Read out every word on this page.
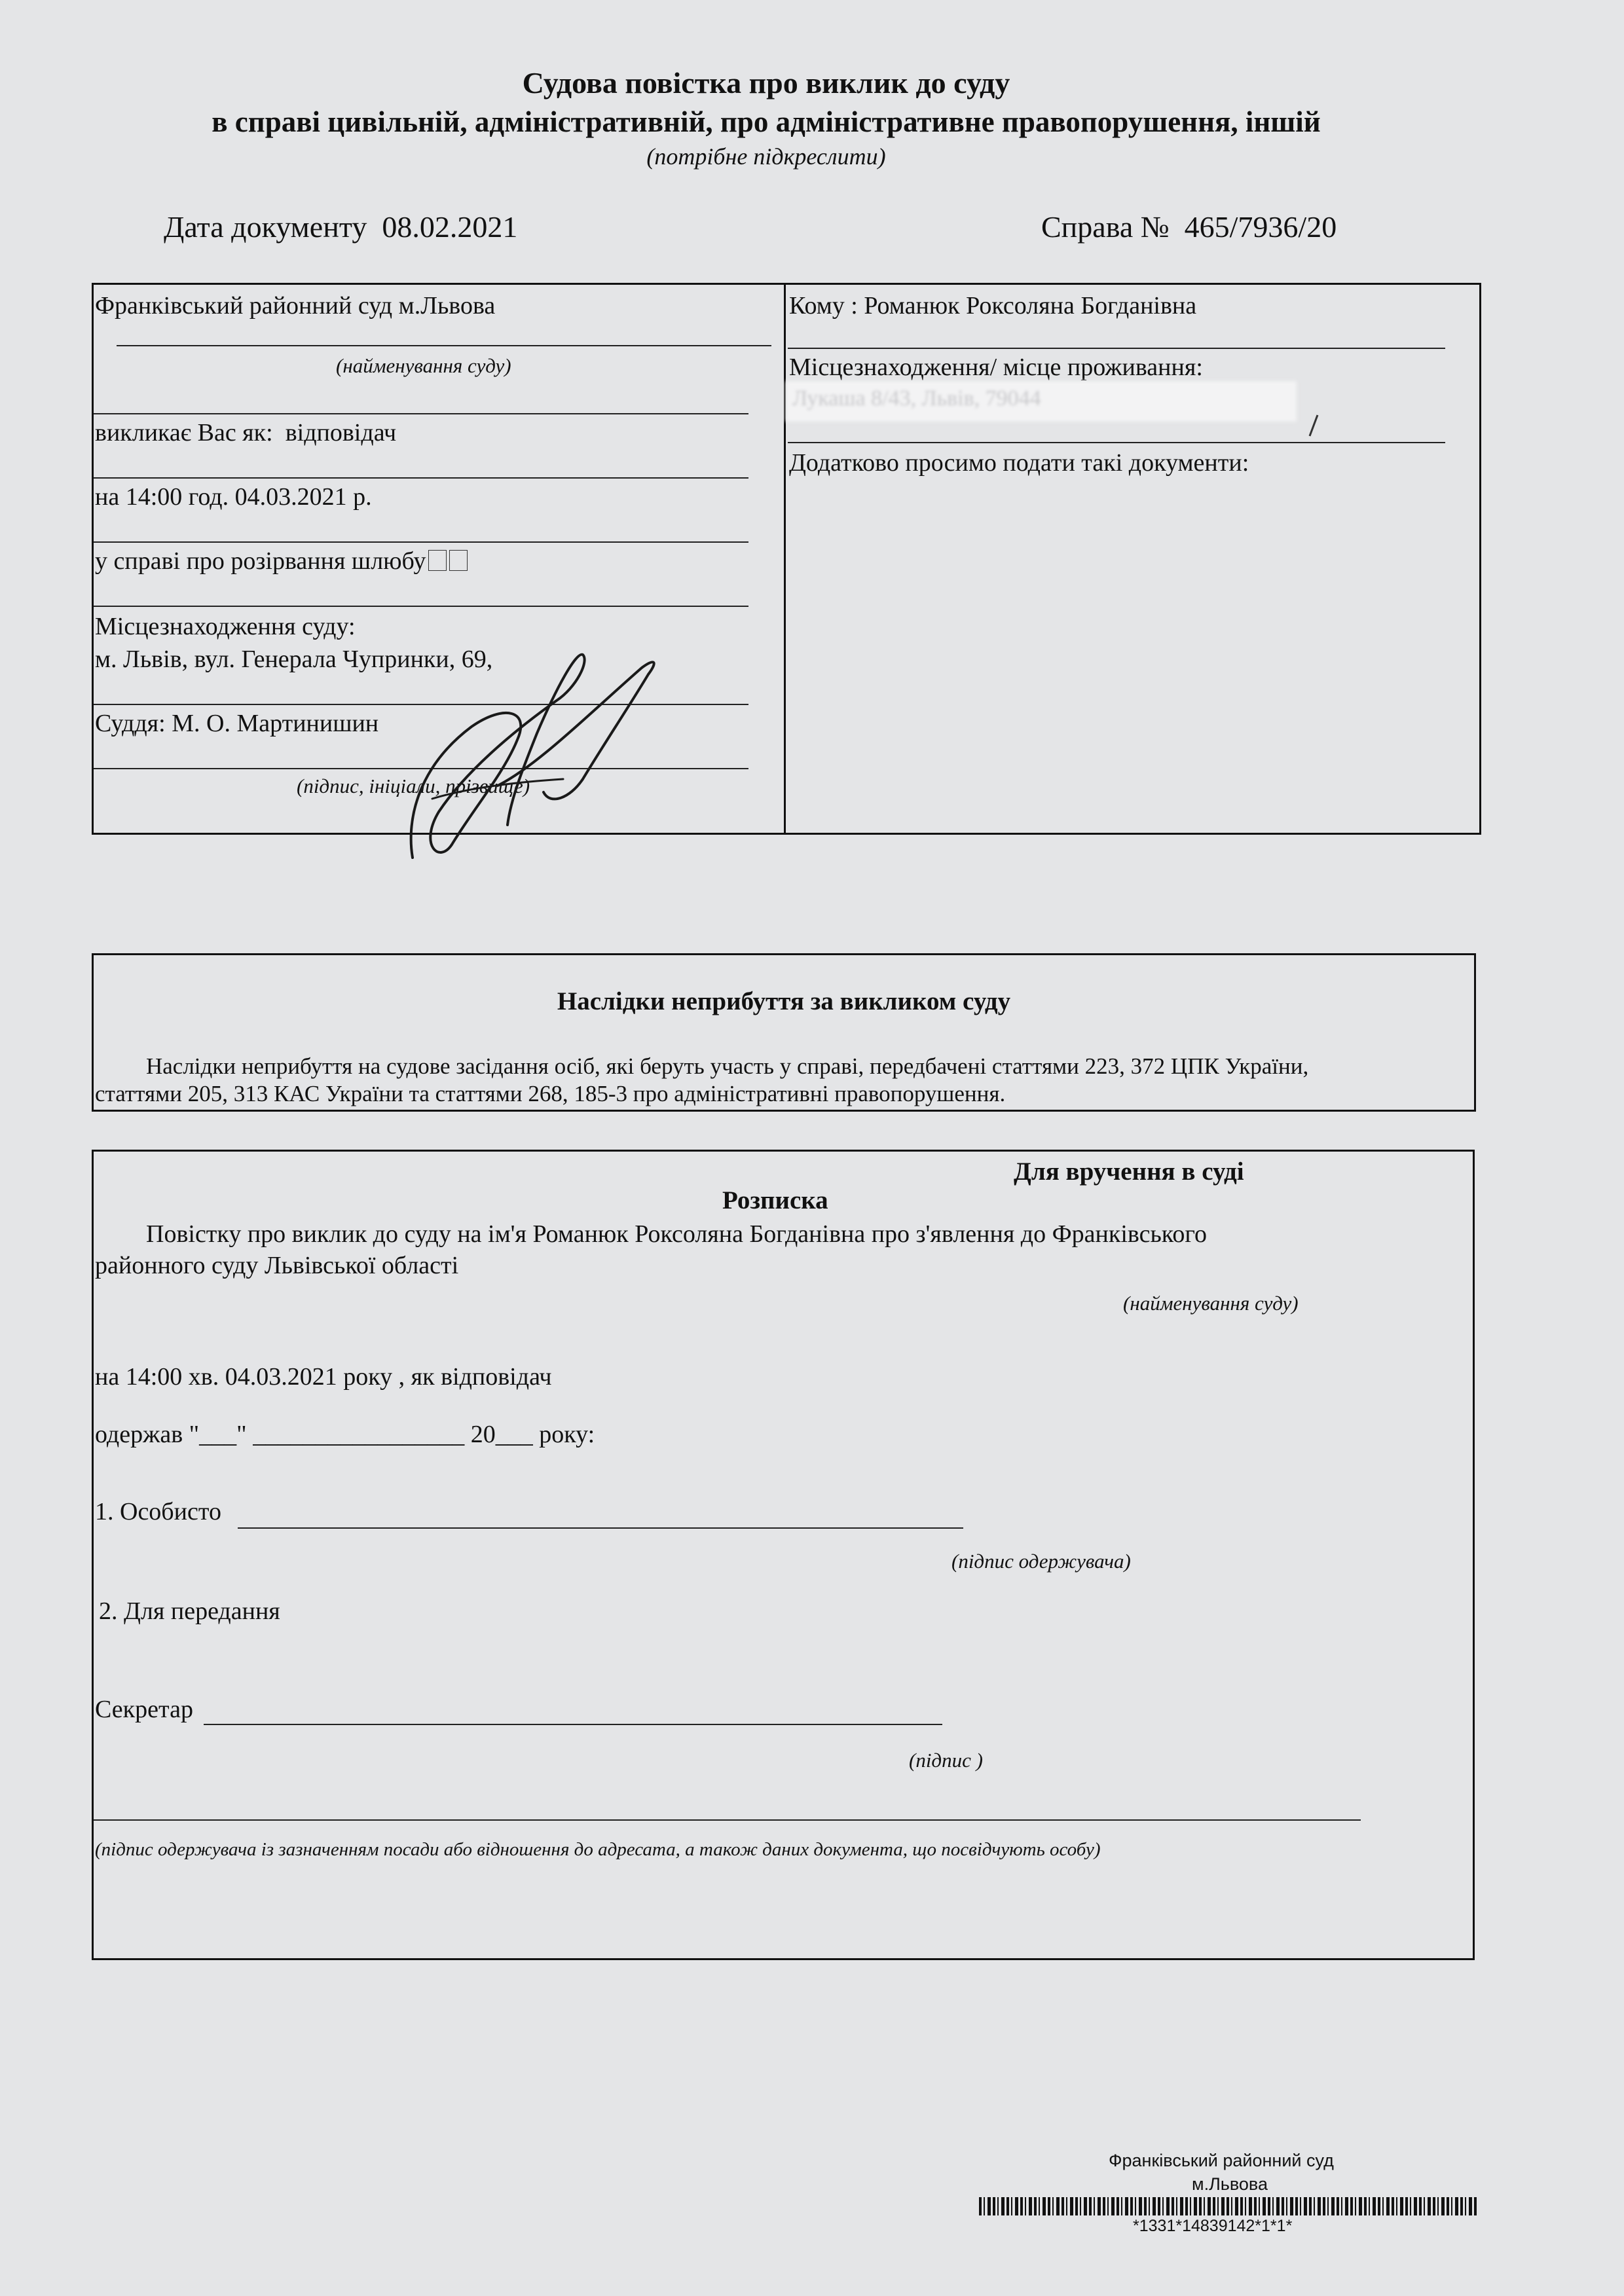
Судова повістка про виклик до суду
в справі цивільній, адміністративній, про адміністративне правопорушення, іншій
(потрібне підкреслити)
Дата документу 08.02.2021	Справа № 465/7936/20
Франківський районний суд м.Львова
(найменування суду)
викликає Вас як: відповідач
на 14:00 год. 04.03.2021 р.
у справі про розірвання шлюбу
Місцезнаходження суду:
м. Львів, вул. Генерала Чупринки, 69,
Суддя: М. О. Мартинишин
(підпис, ініціали, прізвище)
Кому : Романюк Роксоляна Богданівна
Місцезнаходження/ місце проживання:
Додатково просимо подати такі документи:
Лукаша 8/43, Львів, 79044
Наслідки неприбуття за викликом суду
Наслідки неприбуття на судове засідання осіб, які беруть участь у справі, передбачені статтями 223, 372 ЦПК України,
статтями 205, 313 КАС України та статтями 268, 185-3 про адміністративні правопорушення.
Для вручення в суді
Розписка
Повістку про виклик до суду на ім'я Романюк Роксоляна Богданівна про з'явлення до Франківського
районного суду Львівської області
(найменування суду)
на 14:00 хв. 04.03.2021 року , як відповідач
одержав "___" _________________ 20___ року:
1. Особисто
(підпис одержувача)
2. Для передання
Секретар
(підпис )
(підпис одержувача із зазначенням посади або відношення до адресата, а також даних документа, що посвідчують особу)
Франківський районний суд
м.Львова
*1331*14839142*1*1*
